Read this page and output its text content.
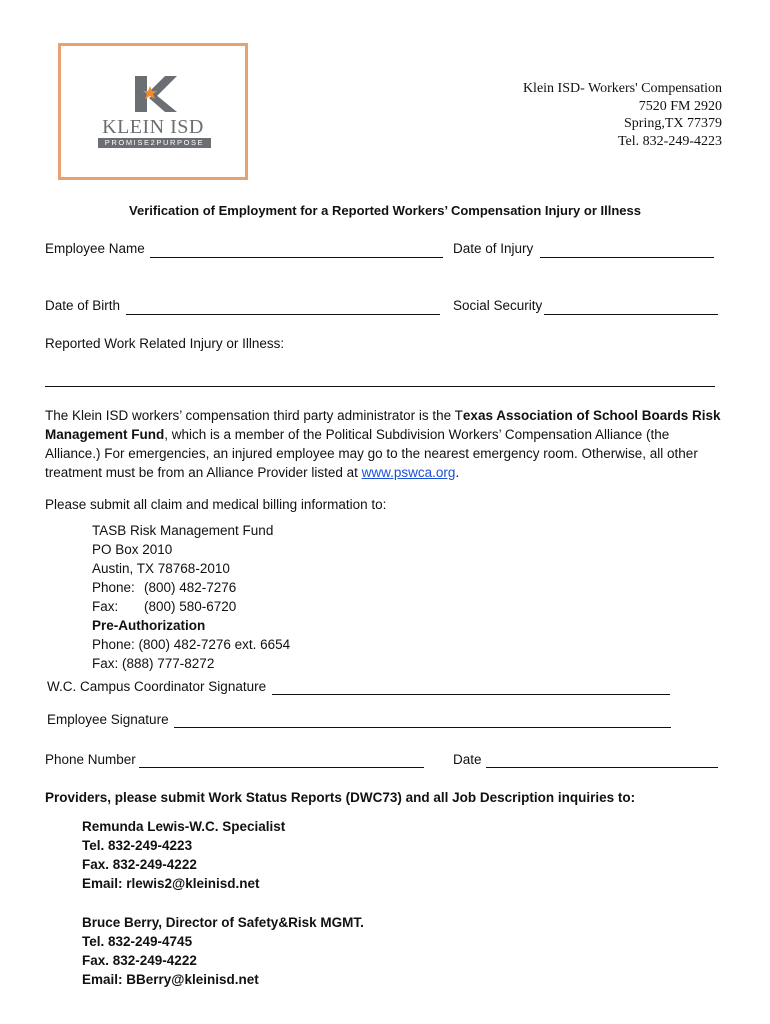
KLEIN ISD
PROMISE2PURPOSE
Klein ISD- Workers' Compensation
7520 FM 2920
Spring,TX 77379
Tel. 832-249-4223
Verification of Employment for a Reported Workers’ Compensation Injury or Illness
Employee Name	Date of Injury
Date of Birth	Social Security
Reported Work Related Injury or Illness:
The Klein ISD workers’ compensation third party administrator is the Texas Association of School Boards Risk Management Fund, which is a member of the Political Subdivision Workers’ Compensation Alliance (the Alliance.) For emergencies, an injured employee may go to the nearest emergency room. Otherwise, all other treatment must be from an Alliance Provider listed at www.pswca.org.
Please submit all claim and medical billing information to:
TASB Risk Management Fund
PO Box 2010
Austin, TX 78768-2010
Phone: (800) 482-7276
Fax: (800) 580-6720
Pre-Authorization
Phone: (800) 482-7276 ext. 6654
Fax: (888) 777-8272
W.C. Campus Coordinator Signature
Employee Signature
Phone Number	Date
Providers, please submit Work Status Reports (DWC73) and all Job Description inquiries to:
Remunda Lewis-W.C. Specialist
Tel. 832-249-4223
Fax. 832-249-4222
Email: rlewis2@kleinisd.net
Bruce Berry, Director of Safety&Risk MGMT.
Tel. 832-249-4745
Fax. 832-249-4222
Email: BBerry@kleinisd.net
